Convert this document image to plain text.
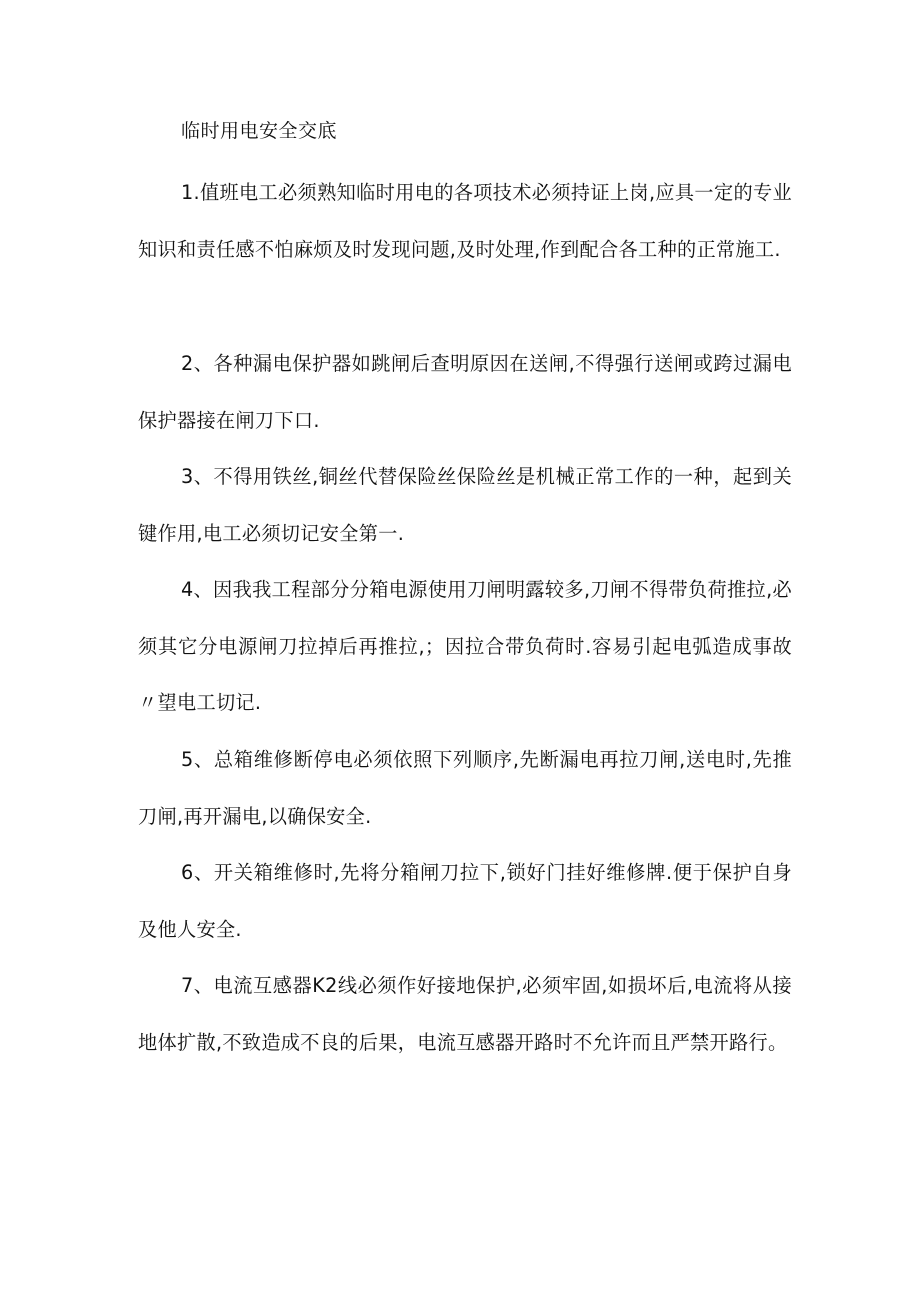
临时用电安全交底

1.值班电工必须熟知临时用电的各项技术必须持证上岗,应具一定的专业知识和责任感不怕麻烦及时发现问题,及时处理,作到配合各工种的正常施工.

2、各种漏电保护器如跳闸后查明原因在送闸,不得强行送闸或跨过漏电保护器接在闸刀下口.

3、不得用铁丝,铜丝代替保险丝保险丝是机械正常工作的一种，起到关键作用,电工必须切记安全第一.

4、因我我工程部分分箱电源使用刀闸明露较多,刀闸不得带负荷推拉,必须其它分电源闸刀拉掉后再推拉,；因拉合带负荷时.容易引起电弧造成事故〃望电工切记.

5、总箱维修断停电必须依照下列顺序,先断漏电再拉刀闸,送电时,先推刀闸,再开漏电,以确保安全.

6、开关箱维修时,先将分箱闸刀拉下,锁好门挂好维修牌.便于保护自身及他人安全.

7、电流互感器K2线必须作好接地保护,必须牢固,如损坏后,电流将从接地体扩散,不致造成不良的后果，电流互感器开路时不允许而且严禁开路行。
